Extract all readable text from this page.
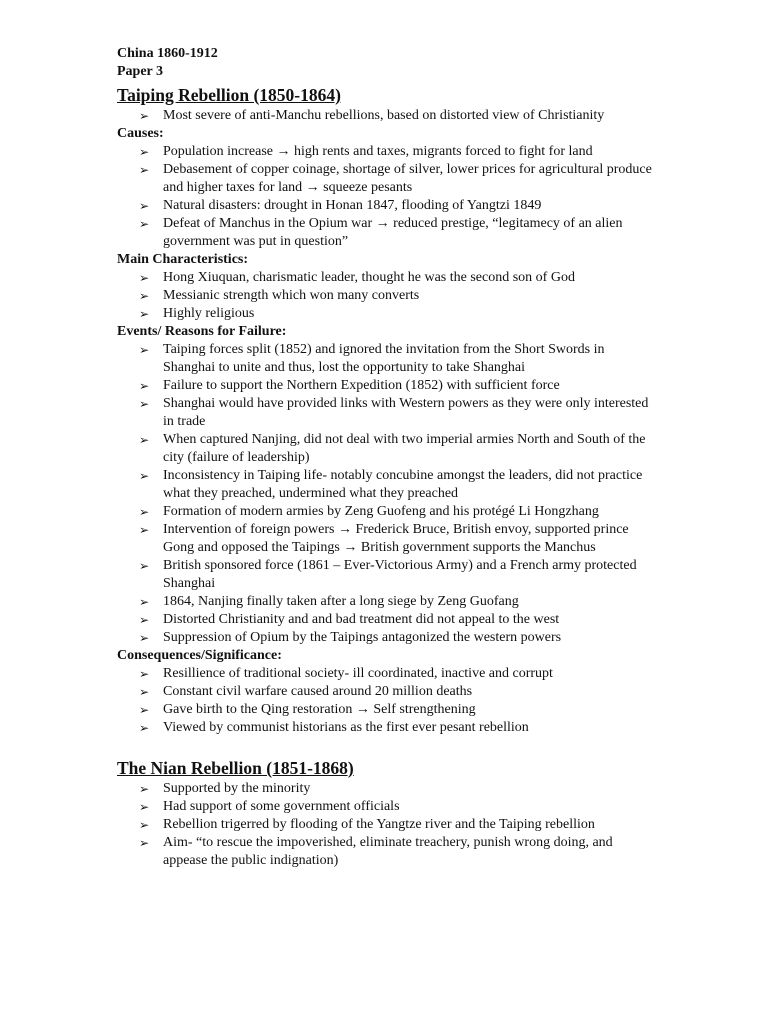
China 1860-1912
Paper 3
Taiping Rebellion (1850-1864)
➢ Most severe of anti-Manchu rebellions, based on distorted view of Christianity
Causes:
➢ Population increase → high rents and taxes, migrants forced to fight for land
➢ Debasement of copper coinage, shortage of silver, lower prices for agricultural produce and higher taxes for land → squeeze pesants
➢ Natural disasters: drought in Honan 1847, flooding of Yangtzi 1849
➢ Defeat of Manchus in the Opium war → reduced prestige, “legitamecy of an alien government was put in question”
Main Characteristics:
➢ Hong Xiuquan, charismatic leader, thought he was the second son of God
➢ Messianic strength which won many converts
➢ Highly religious
Events/ Reasons for Failure:
➢ Taiping forces split (1852) and ignored the invitation from the Short Swords in Shanghai to unite and thus, lost the opportunity to take Shanghai
➢ Failure to support the Northern Expedition (1852) with sufficient force
➢ Shanghai would have provided links with Western powers as they were only interested in trade
➢ When captured Nanjing, did not deal with two imperial armies North and South of the city (failure of leadership)
➢ Inconsistency in Taiping life- notably concubine amongst the leaders, did not practice what they preached, undermined what they preached
➢ Formation of modern armies by Zeng Guofeng and his protégé Li Hongzhang
➢ Intervention of foreign powers → Frederick Bruce, British envoy, supported prince Gong and opposed the Taipings → British government supports the Manchus
➢ British sponsored force (1861 – Ever-Victorious Army) and a French army protected Shanghai
➢ 1864, Nanjing finally taken after a long siege by Zeng Guofang
➢ Distorted Christianity and and bad treatment did not appeal to the west
➢ Suppression of Opium by the Taipings antagonized the western powers
Consequences/Significance:
➢ Resillience of traditional society- ill coordinated, inactive and corrupt
➢ Constant civil warfare caused around 20 million deaths
➢ Gave birth to the Qing restoration → Self strengthening
➢ Viewed by communist historians as the first ever pesant rebellion
The Nian Rebellion (1851-1868)
➢ Supported by the minority
➢ Had support of some government officials
➢ Rebellion trigerred by flooding of the Yangtze river and the Taiping rebellion
➢ Aim- “to rescue the impoverished, eliminate treachery, punish wrong doing, and appease the public indignation)
